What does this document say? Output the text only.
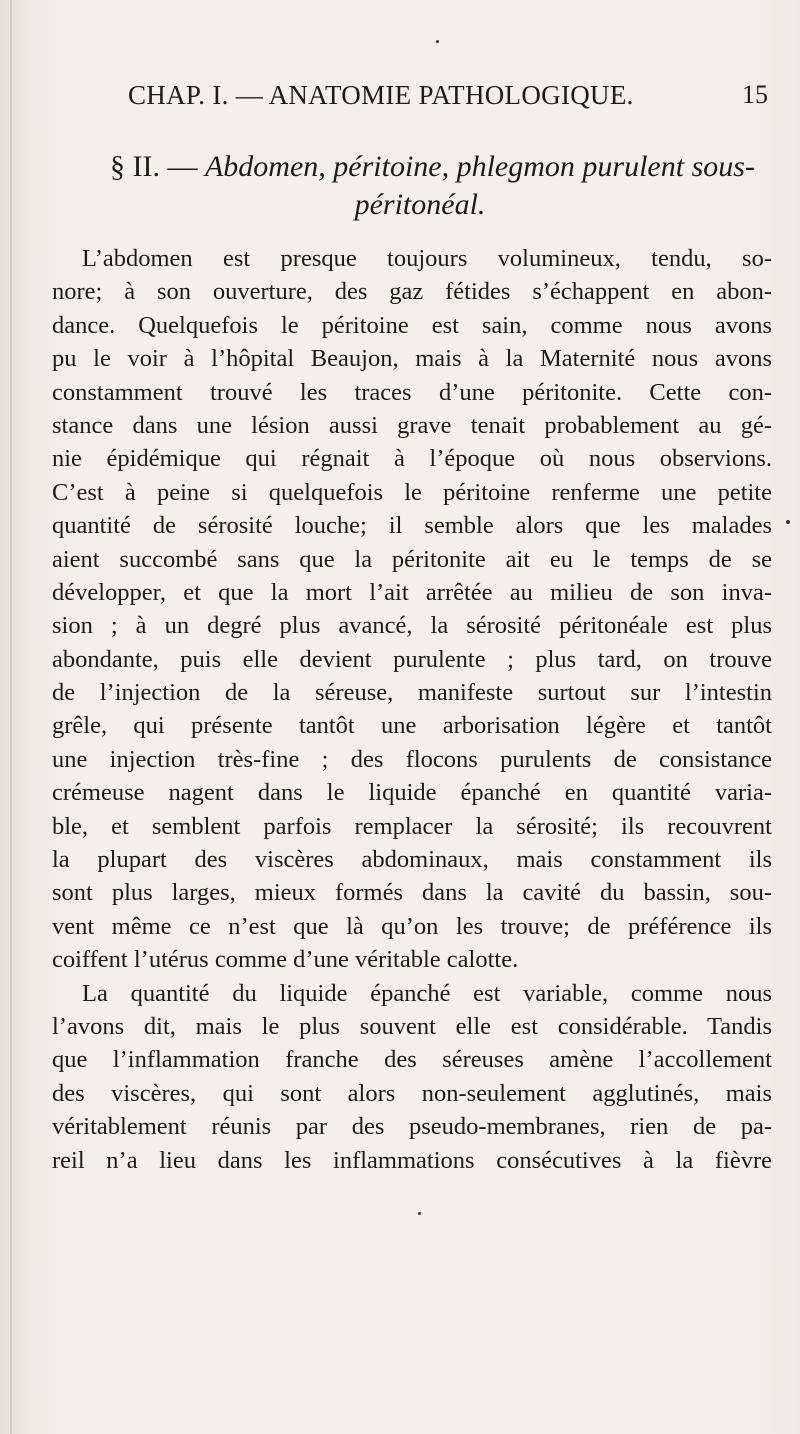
CHAP. I. — ANATOMIE PATHOLOGIQUE.	15
§ II. — Abdomen, péritoine, phlegmon purulent sous-
péritonéal.
L’abdomen est presque toujours volumineux, tendu, so-
nore; à son ouverture, des gaz fétides s’échappent en abon-
dance. Quelquefois le péritoine est sain, comme nous avons
pu le voir à l’hôpital Beaujon, mais à la Maternité nous avons
constamment trouvé les traces d’une péritonite. Cette con-
stance dans une lésion aussi grave tenait probablement au gé-
nie épidémique qui régnait à l’époque où nous observions.
C’est à peine si quelquefois le péritoine renferme une petite
quantité de sérosité louche; il semble alors que les malades
aient succombé sans que la péritonite ait eu le temps de se
développer, et que la mort l’ait arrêtée au milieu de son inva-
sion ; à un degré plus avancé, la sérosité péritonéale est plus
abondante, puis elle devient purulente ; plus tard, on trouve
de l’injection de la séreuse, manifeste surtout sur l’intestin
grêle, qui présente tantôt une arborisation légère et tantôt
une injection très-fine ; des flocons purulents de consistance
crémeuse nagent dans le liquide épanché en quantité varia-
ble, et semblent parfois remplacer la sérosité; ils recouvrent
la plupart des viscères abdominaux, mais constamment ils
sont plus larges, mieux formés dans la cavité du bassin, sou-
vent même ce n’est que là qu’on les trouve; de préférence ils
coiffent l’utérus comme d’une véritable calotte.
La quantité du liquide épanché est variable, comme nous
l’avons dit, mais le plus souvent elle est considérable. Tandis
que l’inflammation franche des séreuses amène l’accollement
des viscères, qui sont alors non-seulement agglutinés, mais
véritablement réunis par des pseudo-membranes, rien de pa-
reil n’a lieu dans les inflammations consécutives à la fièvre
